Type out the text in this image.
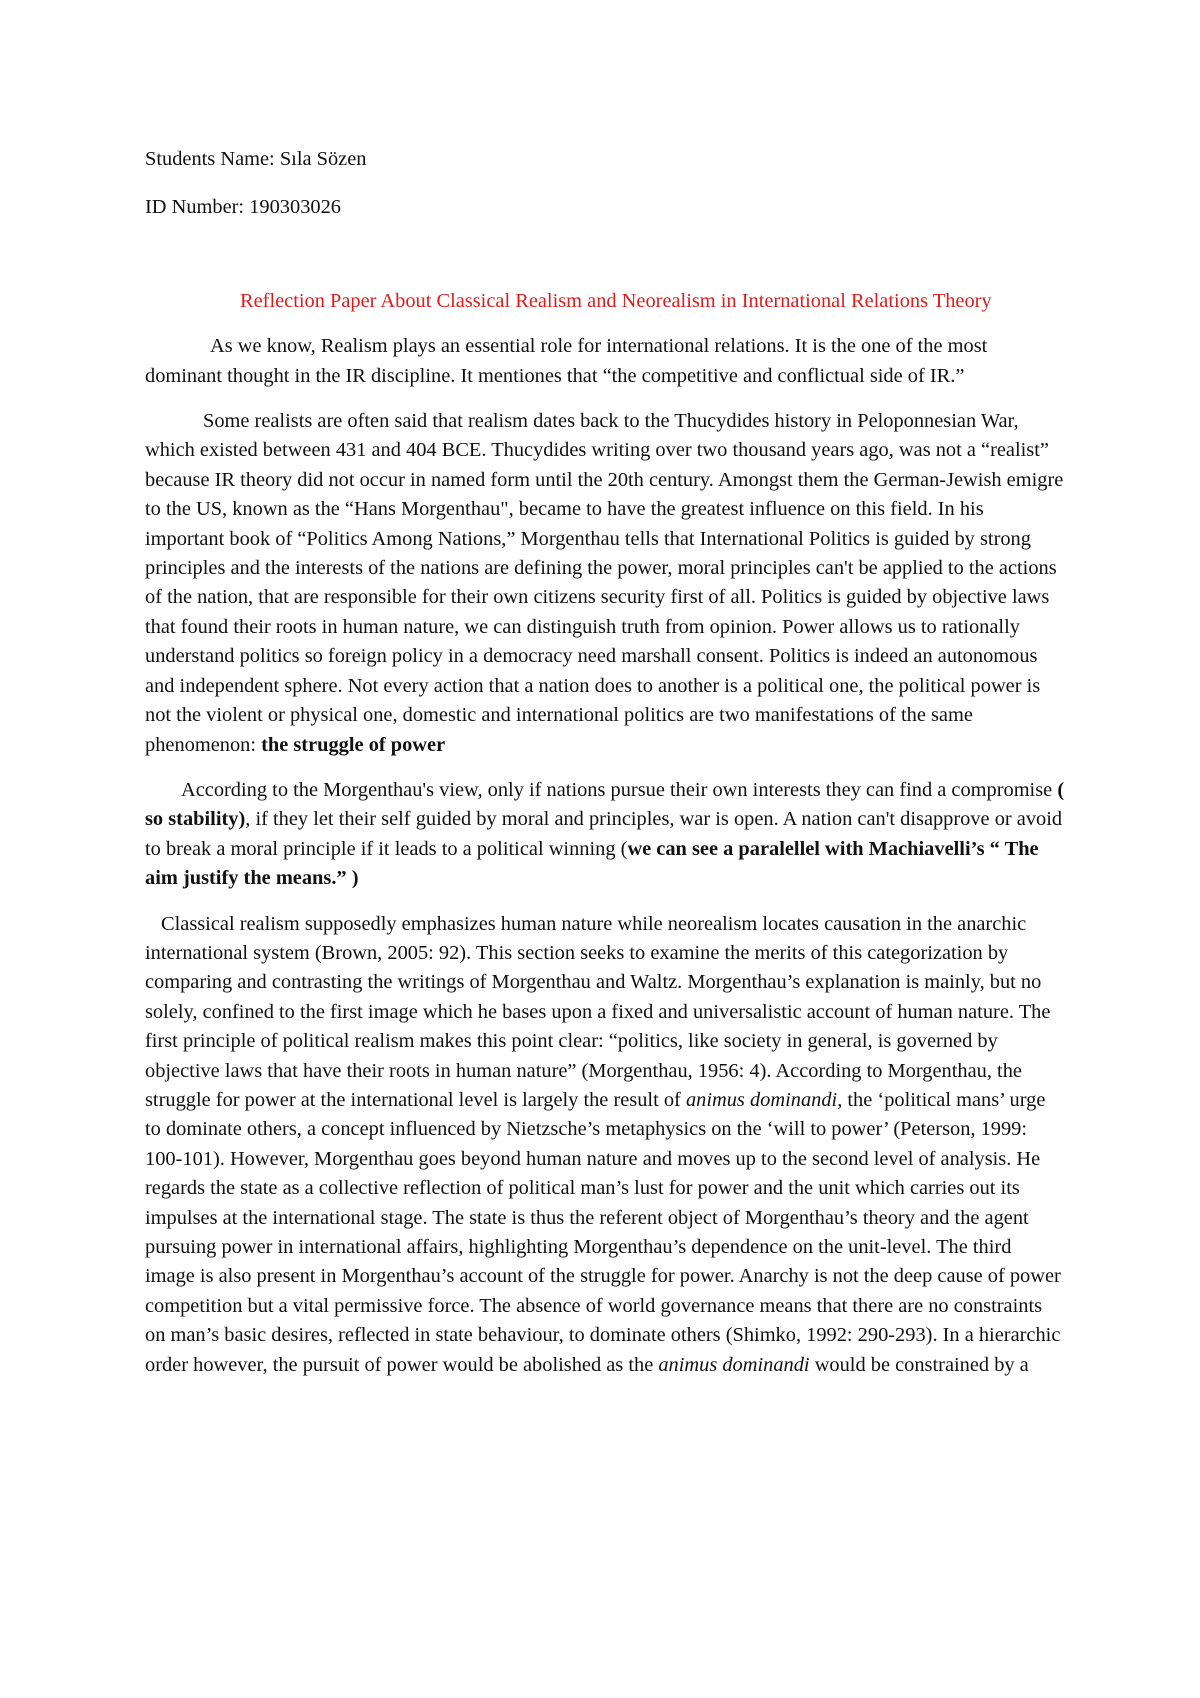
Students Name: Sıla Sözen

ID Number: 190303026

Reflection Paper About Classical Realism and Neorealism in International Relations Theory

As we know, Realism plays an essential role for international relations. It is the one of the most dominant thought in the IR discipline. It mentiones that “the competitive and conflictual side of IR.”

Some realists are often said that realism dates back to the Thucydides history in Peloponnesian War, which existed between 431 and 404 BCE. Thucydides writing over two thousand years ago, was not a “realist” because IR theory did not occur in named form until the 20th century. Amongst them the German-Jewish emigre to the US, known as the “Hans Morgenthau", became to have the greatest influence on this field. In his important book of “Politics Among Nations,” Morgenthau tells that International Politics is guided by strong principles and the interests of the nations are defining the power, moral principles can't be applied to the actions of the nation, that are responsible for their own citizens security first of all. Politics is guided by objective laws that found their roots in human nature, we can distinguish truth from opinion. Power allows us to rationally understand politics so foreign policy in a democracy need marshall consent. Politics is indeed an autonomous and independent sphere. Not every action that a nation does to another is a political one, the political power is not the violent or physical one, domestic and international politics are two manifestations of the same phenomenon: the struggle of power

According to the Morgenthau's view, only if nations pursue their own interests they can find a compromise ( so stability), if they let their self guided by moral and principles, war is open. A nation can't disapprove or avoid to break a moral principle if it leads to a political winning (we can see a paralellel with Machiavelli’s “ The aim justify the means.” )

Classical realism supposedly emphasizes human nature while neorealism locates causation in the anarchic international system (Brown, 2005: 92). This section seeks to examine the merits of this categorization by comparing and contrasting the writings of Morgenthau and Waltz. Morgenthau’s explanation is mainly, but no solely, confined to the first image which he bases upon a fixed and universalistic account of human nature. The first principle of political realism makes this point clear: “politics, like society in general, is governed by objective laws that have their roots in human nature” (Morgenthau, 1956: 4). According to Morgenthau, the struggle for power at the international level is largely the result of animus dominandi, the ‘political mans’ urge to dominate others, a concept influenced by Nietzsche’s metaphysics on the ‘will to power’ (Peterson, 1999: 100-101). However, Morgenthau goes beyond human nature and moves up to the second level of analysis. He regards the state as a collective reflection of political man’s lust for power and the unit which carries out its impulses at the international stage. The state is thus the referent object of Morgenthau’s theory and the agent pursuing power in international affairs, highlighting Morgenthau’s dependence on the unit-level. The third image is also present in Morgenthau’s account of the struggle for power. Anarchy is not the deep cause of power competition but a vital permissive force. The absence of world governance means that there are no constraints on man’s basic desires, reflected in state behaviour, to dominate others (Shimko, 1992: 290-293). In a hierarchic order however, the pursuit of power would be abolished as the animus dominandi would be constrained by a
